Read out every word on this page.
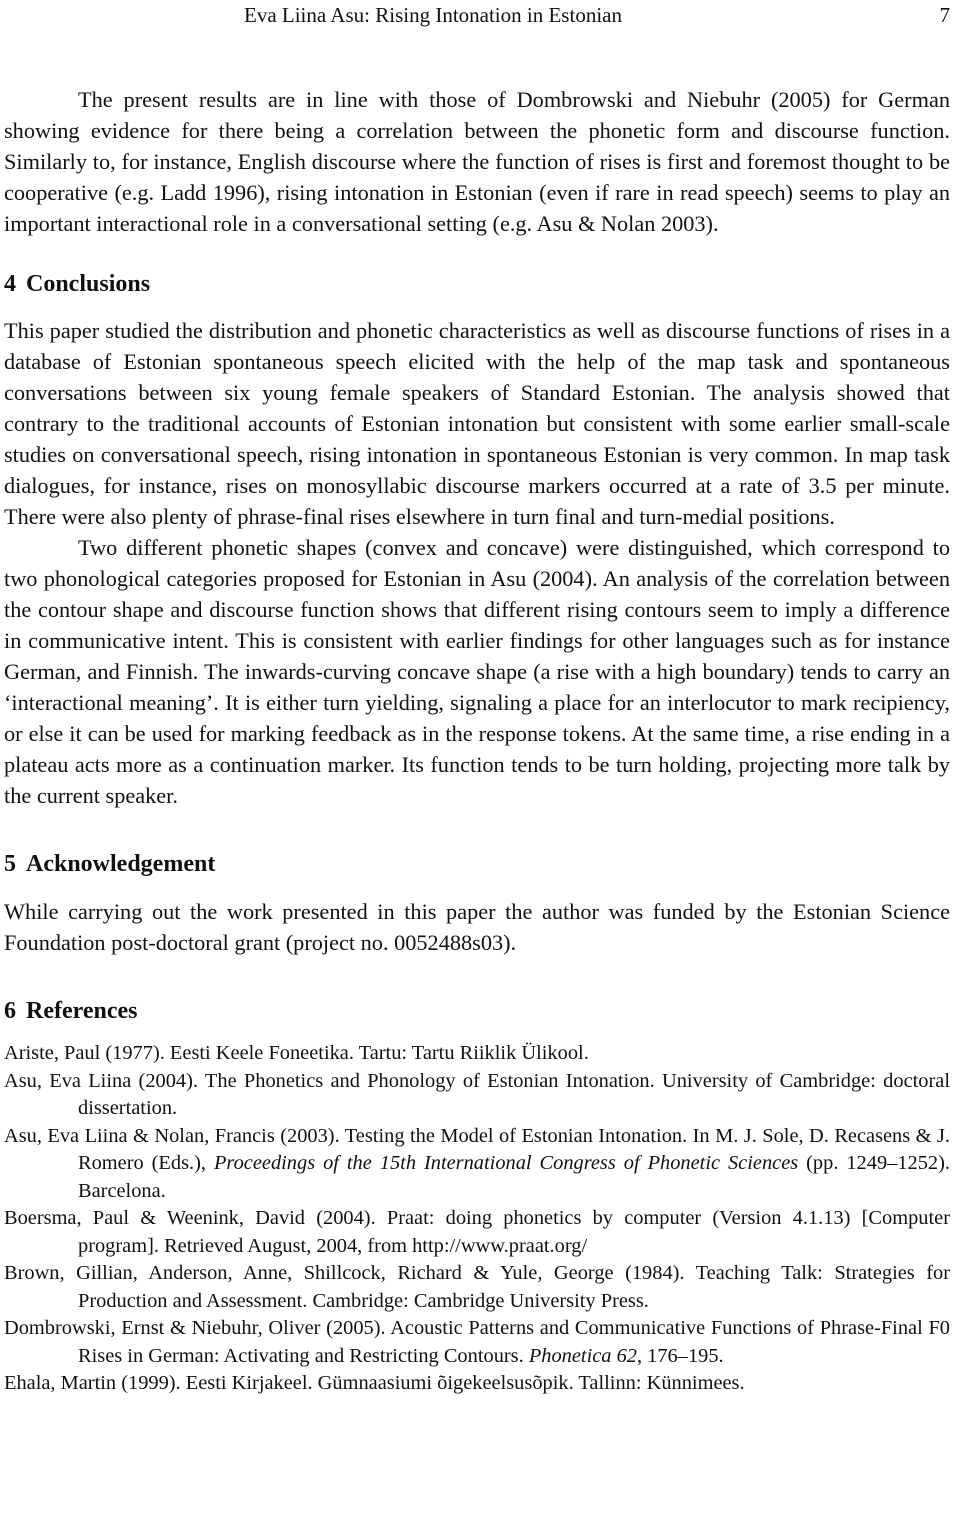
Eva Liina Asu: Rising Intonation in Estonian	7

The present results are in line with those of Dombrowski and Niebuhr (2005) for German showing evidence for there being a correlation between the phonetic form and discourse function. Similarly to, for instance, English discourse where the function of rises is first and foremost thought to be cooperative (e.g. Ladd 1996), rising intonation in Estonian (even if rare in read speech) seems to play an important interactional role in a conversational setting (e.g. Asu & Nolan 2003).

4 Conclusions

This paper studied the distribution and phonetic characteristics as well as discourse functions of rises in a database of Estonian spontaneous speech elicited with the help of the map task and spontaneous conversations between six young female speakers of Standard Estonian. The analysis showed that contrary to the traditional accounts of Estonian intonation but consistent with some earlier small-scale studies on conversational speech, rising intonation in spontaneous Estonian is very common. In map task dialogues, for instance, rises on monosyllabic discourse markers occurred at a rate of 3.5 per minute. There were also plenty of phrase-final rises elsewhere in turn final and turn-medial positions.

Two different phonetic shapes (convex and concave) were distinguished, which correspond to two phonological categories proposed for Estonian in Asu (2004). An analysis of the correlation between the contour shape and discourse function shows that different rising contours seem to imply a difference in communicative intent. This is consistent with earlier findings for other languages such as for instance German, and Finnish. The inwards-curving concave shape (a rise with a high boundary) tends to carry an ‘interactional meaning’. It is either turn yielding, signaling a place for an interlocutor to mark recipiency, or else it can be used for marking feedback as in the response tokens. At the same time, a rise ending in a plateau acts more as a continuation marker. Its function tends to be turn holding, projecting more talk by the current speaker.

5 Acknowledgement

While carrying out the work presented in this paper the author was funded by the Estonian Science Foundation post-doctoral grant (project no. 0052488s03).

6 References

Ariste, Paul (1977). Eesti Keele Foneetika. Tartu: Tartu Riiklik Ülikool.

Asu, Eva Liina (2004). The Phonetics and Phonology of Estonian Intonation. University of Cambridge: doctoral dissertation.

Asu, Eva Liina & Nolan, Francis (2003). Testing the Model of Estonian Intonation. In M. J. Sole, D. Recasens & J. Romero (Eds.), Proceedings of the 15th International Congress of Phonetic Sciences (pp. 1249–1252). Barcelona.

Boersma, Paul & Weenink, David (2004). Praat: doing phonetics by computer (Version 4.1.13) [Computer program]. Retrieved August, 2004, from http://www.praat.org/

Brown, Gillian, Anderson, Anne, Shillcock, Richard & Yule, George (1984). Teaching Talk: Strategies for Production and Assessment. Cambridge: Cambridge University Press.

Dombrowski, Ernst & Niebuhr, Oliver (2005). Acoustic Patterns and Communicative Functions of Phrase-Final F0 Rises in German: Activating and Restricting Contours. Phonetica 62, 176–195.

Ehala, Martin (1999). Eesti Kirjakeel. Gümnaasiumi õigekeelsusõpik. Tallinn: Künnimees.
